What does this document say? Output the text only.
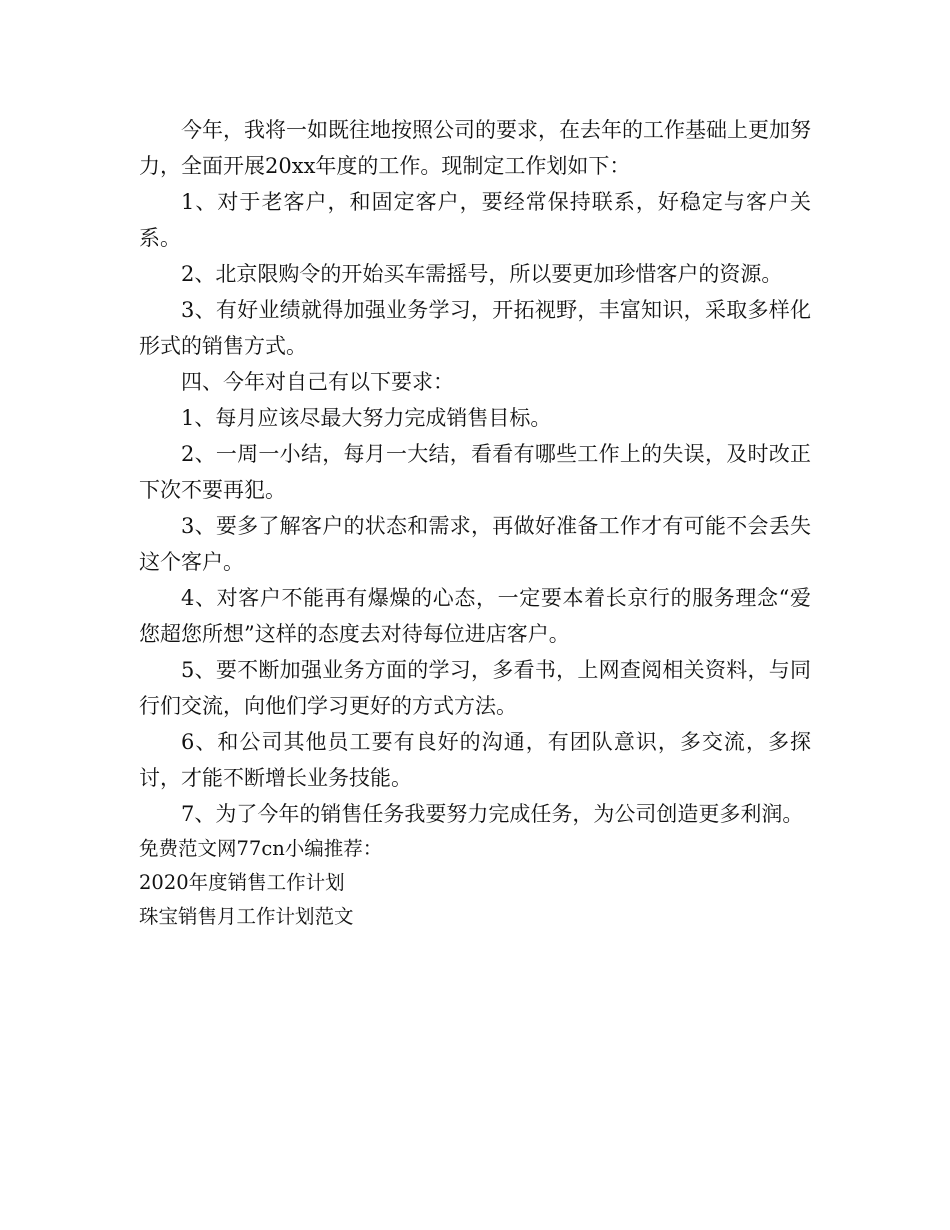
今年，我将一如既往地按照公司的要求，在去年的工作基础上更加努力，全面开展20xx年度的工作。现制定工作划如下：

1、对于老客户，和固定客户，要经常保持联系，好稳定与客户关系。

2、北京限购令的开始买车需摇号，所以要更加珍惜客户的资源。

3、有好业绩就得加强业务学习，开拓视野，丰富知识，采取多样化形式的销售方式。

四、今年对自己有以下要求：

1、每月应该尽最大努力完成销售目标。

2、一周一小结，每月一大结，看看有哪些工作上的失误，及时改正下次不要再犯。

3、要多了解客户的状态和需求，再做好准备工作才有可能不会丢失这个客户。

4、对客户不能再有爆燥的心态，一定要本着长京行的服务理念“爱您超您所想”这样的态度去对待每位进店客户。

5、要不断加强业务方面的学习，多看书，上网查阅相关资料，与同行们交流，向他们学习更好的方式方法。

6、和公司其他员工要有良好的沟通，有团队意识，多交流，多探讨，才能不断增长业务技能。

7、为了今年的销售任务我要努力完成任务，为公司创造更多利润。

免费范文网77cn小编推荐：

2020年度销售工作计划

珠宝销售月工作计划范文
